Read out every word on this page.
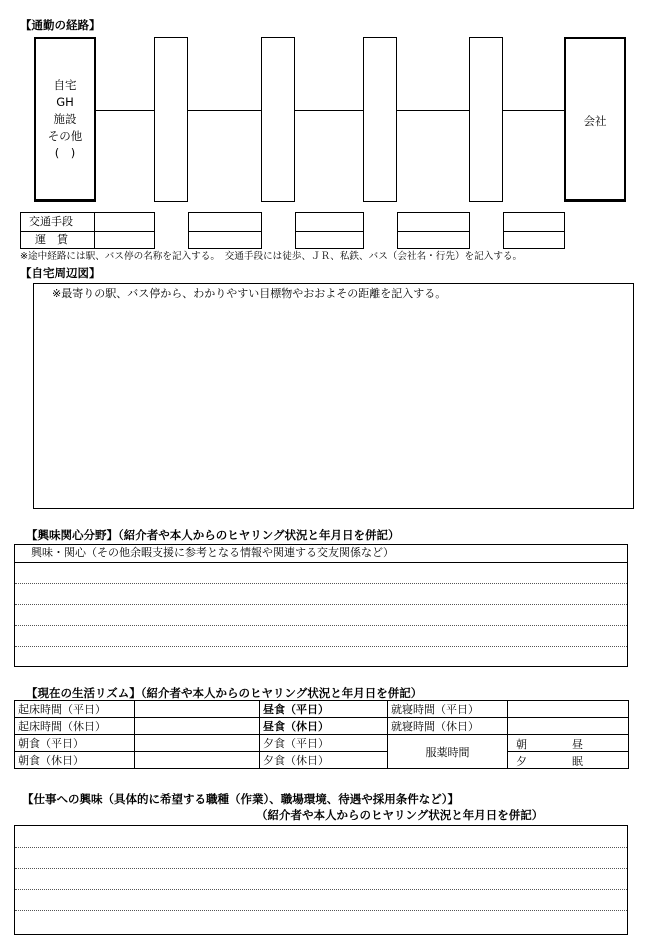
【通勤の経路】
自宅
GH
施設
その他
(　)
会社
交通手段
運　賃
※途中経路には駅、バス停の名称を記入する。　交通手段には徒歩、ＪＲ、私鉄、バス（会社名・行先）を記入する。
【自宅周辺図】
※最寄りの駅、バス停から、わかりやすい目標物やおおよその距離を記入する。
【興味関心分野】（紹介者や本人からのヒヤリング状況と年月日を併記）
興味・関心（その他余暇支援に参考となる情報や関連する交友関係など）
【現在の生活リズム】（紹介者や本人からのヒヤリング状況と年月日を併記）
起床時間（平日）		昼食（平日）	就寝時間（平日）	
起床時間（休日）		昼食（休日）	就寝時間（休日）	
朝食（平日）		夕食（平日）	服薬時間	朝 昼

朝食（休日）		夕食（休日）		夕 眠
【仕事への興味（具体的に希望する職種（作業）、職場環境、待遇や採用条件など）】
（紹介者や本人からのヒヤリング状況と年月日を併記）
